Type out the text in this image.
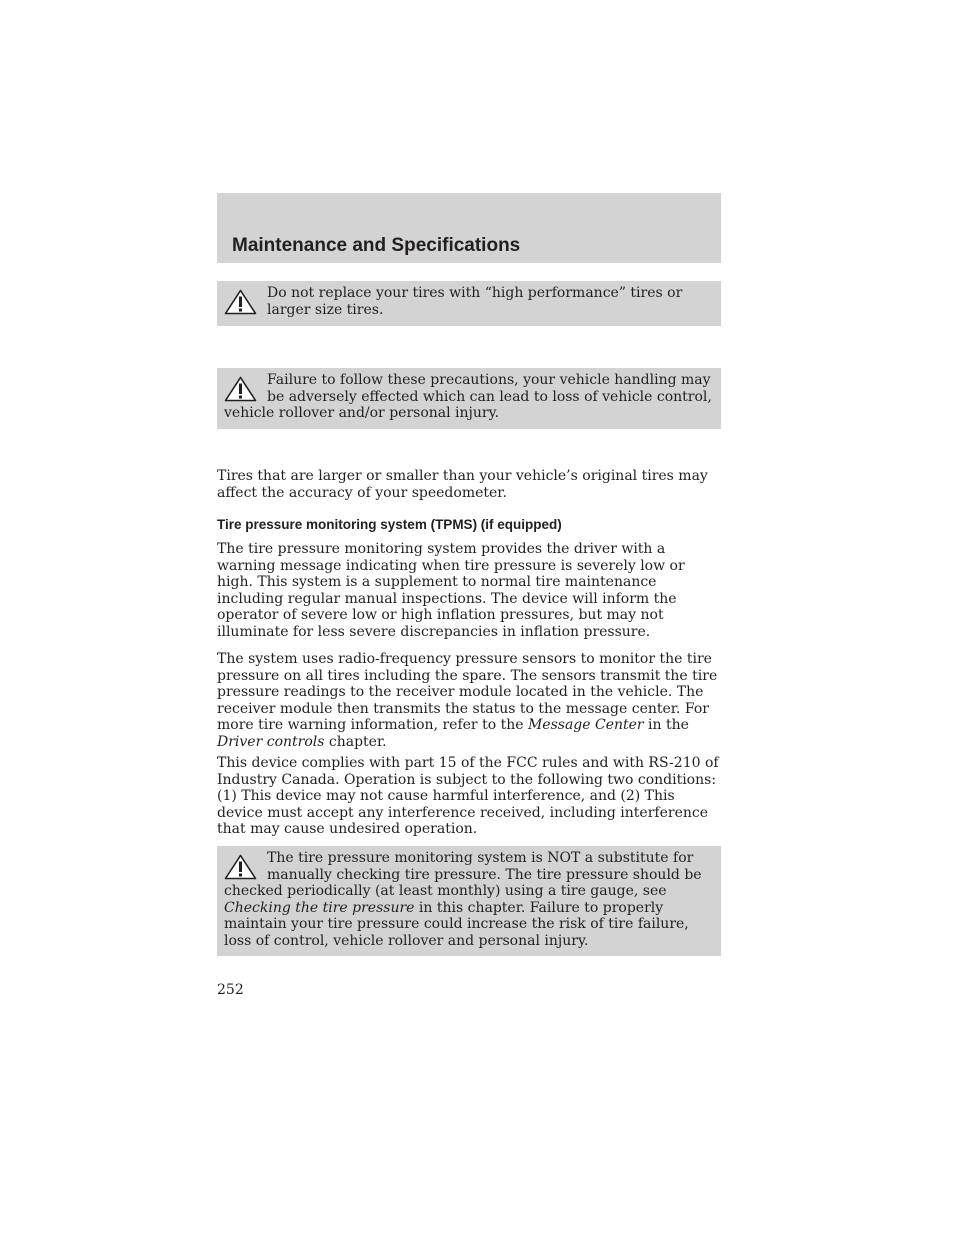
Maintenance and Specifications

Do not replace your tires with “high performance” tires or larger size tires.

Failure to follow these precautions, your vehicle handling may be adversely effected which can lead to loss of vehicle control, vehicle rollover and/or personal injury.

Tires that are larger or smaller than your vehicle’s original tires may affect the accuracy of your speedometer.

Tire pressure monitoring system (TPMS) (if equipped)

The tire pressure monitoring system provides the driver with a warning message indicating when tire pressure is severely low or high. This system is a supplement to normal tire maintenance including regular manual inspections. The device will inform the operator of severe low or high inflation pressures, but may not illuminate for less severe discrepancies in inflation pressure.

The system uses radio-frequency pressure sensors to monitor the tire pressure on all tires including the spare. The sensors transmit the tire pressure readings to the receiver module located in the vehicle. The receiver module then transmits the status to the message center. For more tire warning information, refer to the Message Center in the Driver controls chapter.

This device complies with part 15 of the FCC rules and with RS-210 of Industry Canada. Operation is subject to the following two conditions: (1) This device may not cause harmful interference, and (2) This device must accept any interference received, including interference that may cause undesired operation.

The tire pressure monitoring system is NOT a substitute for manually checking tire pressure. The tire pressure should be checked periodically (at least monthly) using a tire gauge, see Checking the tire pressure in this chapter. Failure to properly maintain your tire pressure could increase the risk of tire failure, loss of control, vehicle rollover and personal injury.

252
